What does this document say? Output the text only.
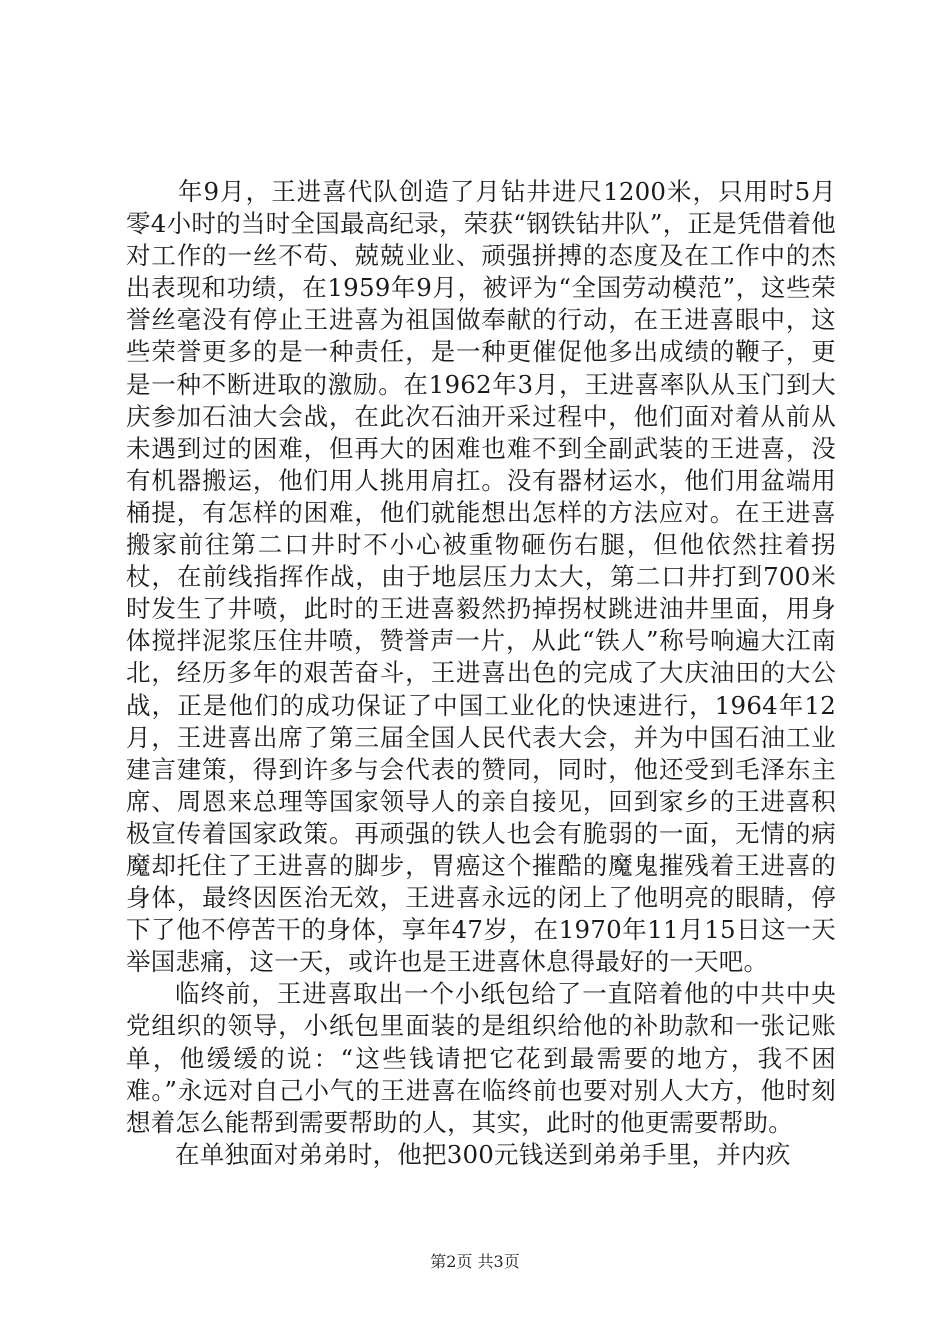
年9月，王进喜代队创造了月钻井进尺1200米，只用时5月零4小时的当时全国最高纪录，荣获“钢铁钻井队”，正是凭借着他对工作的一丝不苟、兢兢业业、顽强拼搏的态度及在工作中的杰出表现和功绩，在1959年9月，被评为“全国劳动模范”，这些荣誉丝毫没有停止王进喜为祖国做奉献的行动，在王进喜眼中，这些荣誉更多的是一种责任，是一种更催促他多出成绩的鞭子，更是一种不断进取的激励。在1962年3月，王进喜率队从玉门到大庆参加石油大会战，在此次石油开采过程中，他们面对着从前从未遇到过的困难，但再大的困难也难不到全副武装的王进喜，没有机器搬运，他们用人挑用肩扛。没有器材运水，他们用盆端用桶提，有怎样的困难，他们就能想出怎样的方法应对。在王进喜搬家前往第二口井时不小心被重物砸伤右腿，但他依然拄着拐杖，在前线指挥作战，由于地层压力太大，第二口井打到700米时发生了井喷，此时的王进喜毅然扔掉拐杖跳进油井里面，用身体搅拌泥浆压住井喷，赞誉声一片，从此“铁人”称号响遍大江南北，经历多年的艰苦奋斗，王进喜出色的完成了大庆油田的大公战，正是他们的成功保证了中国工业化的快速进行，1964年12月，王进喜出席了第三届全国人民代表大会，并为中国石油工业建言建策，得到许多与会代表的赞同，同时，他还受到毛泽东主席、周恩来总理等国家领导人的亲自接见，回到家乡的王进喜积极宣传着国家政策。再顽强的铁人也会有脆弱的一面，无情的病魔却托住了王进喜的脚步，胃癌这个摧酷的魔鬼摧残着王进喜的身体，最终因医治无效，王进喜永远的闭上了他明亮的眼睛，停下了他不停苦干的身体，享年47岁，在1970年11月15日这一天举国悲痛，这一天，或许也是王进喜休息得最好的一天吧。

临终前，王进喜取出一个小纸包给了一直陪着他的中共中央党组织的领导，小纸包里面装的是组织给他的补助款和一张记账单，他缓缓的说：“这些钱请把它花到最需要的地方，我不困难。”永远对自己小气的王进喜在临终前也要对别人大方，他时刻想着怎么能帮到需要帮助的人，其实，此时的他更需要帮助。

在单独面对弟弟时，他把300元钱送到弟弟手里，并内疚

第2页 共3页
